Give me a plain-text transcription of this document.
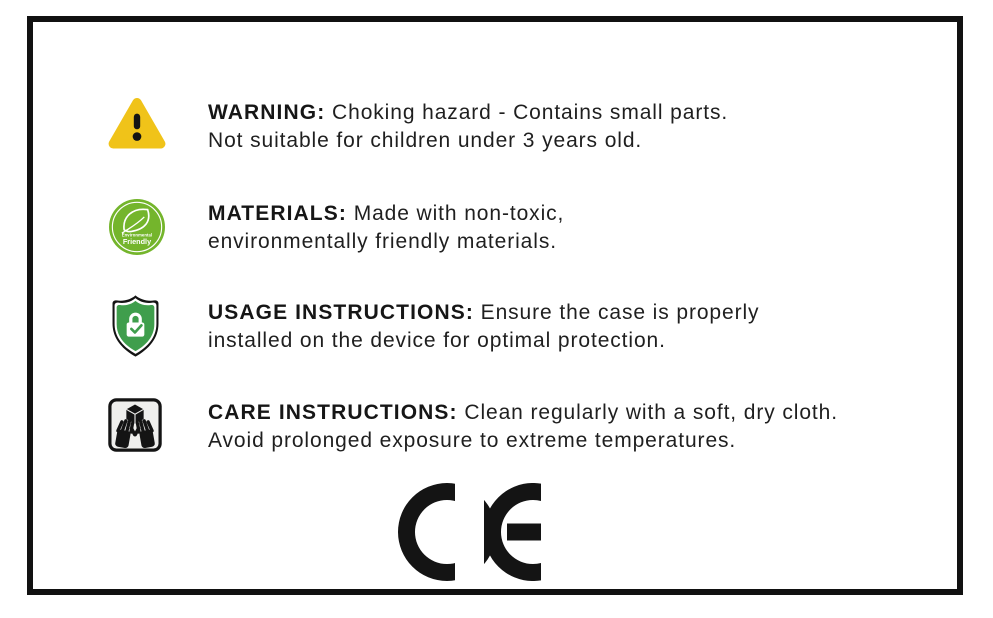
WARNING: Choking hazard - Contains small parts.

Not suitable for children under 3 years old.

Environmental
Friendly

MATERIALS: Made with non-toxic,

environmentally friendly materials.

USAGE INSTRUCTIONS: Ensure the case is properly

installed on the device for optimal protection.

CARE INSTRUCTIONS: Clean regularly with a soft, dry cloth.

Avoid prolonged exposure to extreme temperatures.
